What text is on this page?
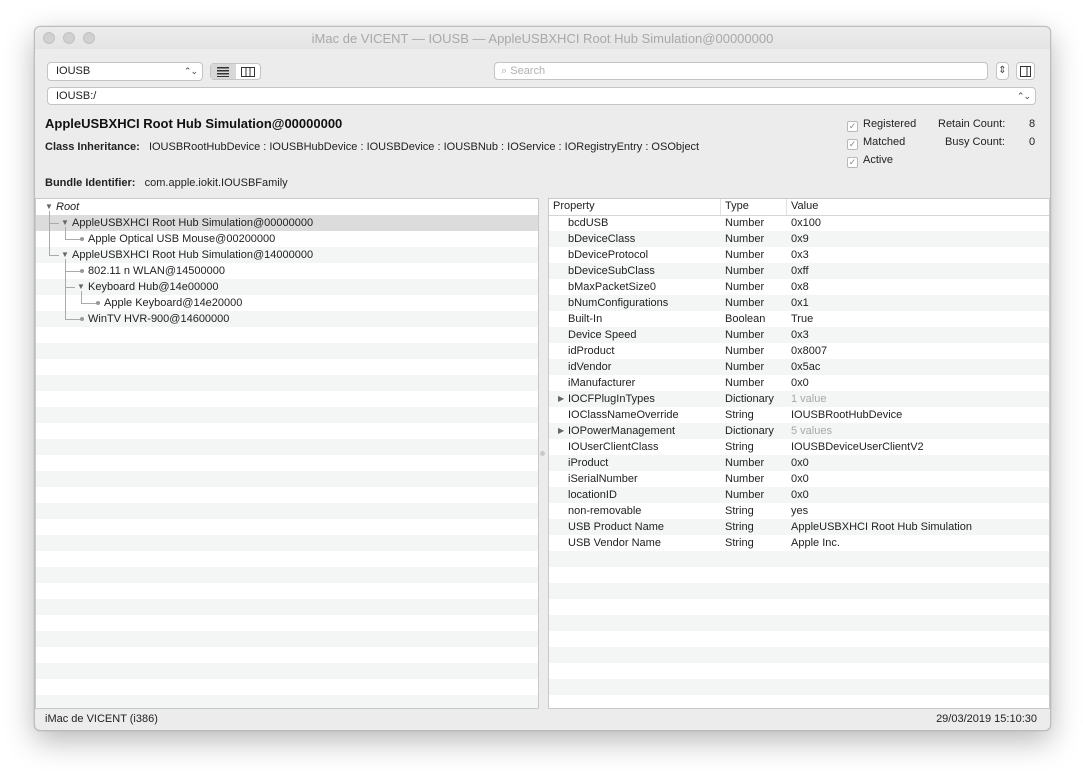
iMac de VICENT — IOUSB — AppleUSBXHCI Root Hub Simulation@00000000
IOUSB	⌃⌄	⌕ Search	⇕
IOUSB:/	⌃⌄
AppleUSBXHCI Root Hub Simulation@00000000
Class Inheritance: IOUSBRootHubDevice : IOUSBHubDevice : IOUSBDevice : IOUSBNub : IOService : IORegistryEntry : OSObject
Bundle Identifier: com.apple.iokit.IOUSBFamily
✓ Registered
✓ Matched
✓ Active
Retain Count: 8
Busy Count: 0
▼ Root
▼ AppleUSBXHCI Root Hub Simulation@00000000
Apple Optical USB Mouse@00200000
▼ AppleUSBXHCI Root Hub Simulation@14000000
802.11 n WLAN@14500000
▼ Keyboard Hub@14e00000
Apple Keyboard@14e20000
WinTV HVR-900@14600000
Property	Type	Value
bcdUSB	Number 0x100
bDeviceClass	Number 0x9
bDeviceProtocol	Number 0x3
bDeviceSubClass	Number 0xff
bMaxPacketSize0	Number 0x8
bNumConfigurations	Number 0x1
Built-In	Boolean True
Device Speed	Number 0x3
idProduct	Number 0x8007
idVendor	Number 0x5ac
iManufacturer	Number 0x0
▶ IOCFPlugInTypes	Dictionary 1 value
IOClassNameOverride	String	IOUSBRootHubDevice
▶ IOPowerManagement	Dictionary 5 values
IOUserClientClass	String	IOUSBDeviceUserClientV2
iProduct	Number 0x0
iSerialNumber	Number 0x0
locationID	Number 0x0
non-removable	String	yes
USB Product Name	String	AppleUSBXHCI Root Hub Simulation
USB Vendor Name	String	Apple Inc.
iMac de VICENT (i386)	29/03/2019 15:10:30
